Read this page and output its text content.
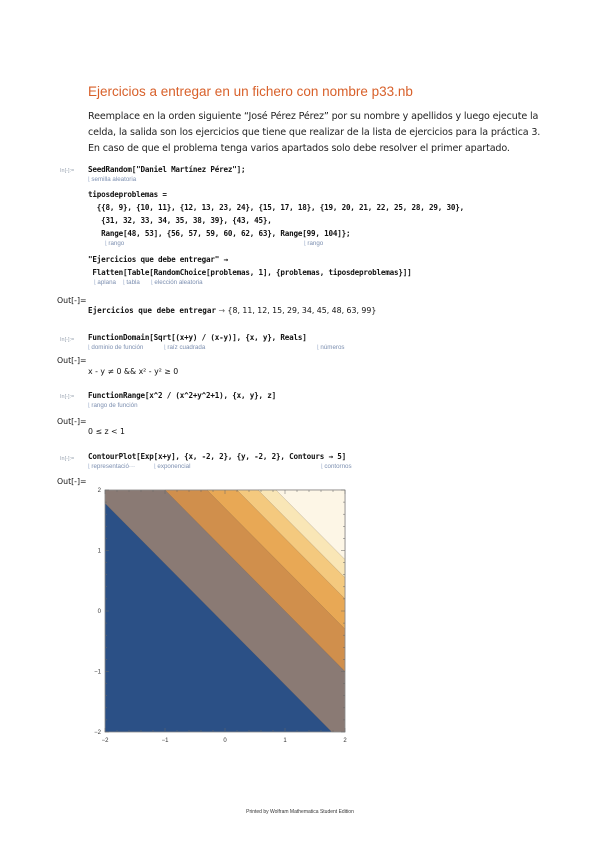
Ejercicios a entregar en un fichero con nombre p33.nb
Reemplace en la orden siguiente “José Pérez Pérez” por su nombre y apellidos y luego ejecute la
celda, la salida son los ejercicios que tiene que realizar de la lista de ejercicios para la práctica 3.
En caso de que el problema tenga varios apartados solo debe resolver el primer apartado.
In[-]:= SeedRandom["Daniel Martínez Pérez"];
⌊ semilla aleatoria
tiposdeproblemas =
{{8, 9}, {10, 11}, {12, 13, 23, 24}, {15, 17, 18}, {19, 20, 21, 22, 25, 28, 29, 30},
{31, 32, 33, 34, 35, 38, 39}, {43, 45},
Range[48, 53], {56, 57, 59, 60, 62, 63}, Range[99, 104]};
⌊ rango	⌊ rango
"Ejercicios que debe entregar" →
Flatten[Table[RandomChoice[problemas, 1], {problemas, tiposdeproblemas}]]
⌊ aplana	⌊ tabla	⌊ elección aleatoria
Out[-]=
Ejercicios que debe entregar → {8, 11, 12, 15, 29, 34, 45, 48, 63, 99}
In[-]:= FunctionDomain[Sqrt[(x+y) / (x-y)], {x, y}, Reals]
⌊ dominio de función	⌊ raíz cuadrada	⌊ números
Out[-]=
x - y ≠ 0 && x² - y² ≥ 0
In[-]:= FunctionRange[x^2 / (x^2+y^2+1), {x, y}, z]
⌊ rango de función
Out[-]=
0 ≤ z < 1
In[-]:= ContourPlot[Exp[x+y], {x, -2, 2}, {y, -2, 2}, Contours → 5]
⌊ representació···	⌊ exponencial	⌊ contornos
Out[-]=
−2	−1	0	1	2
−2
−1
0
1
2
Printed by Wolfram Mathematica Student Edition
